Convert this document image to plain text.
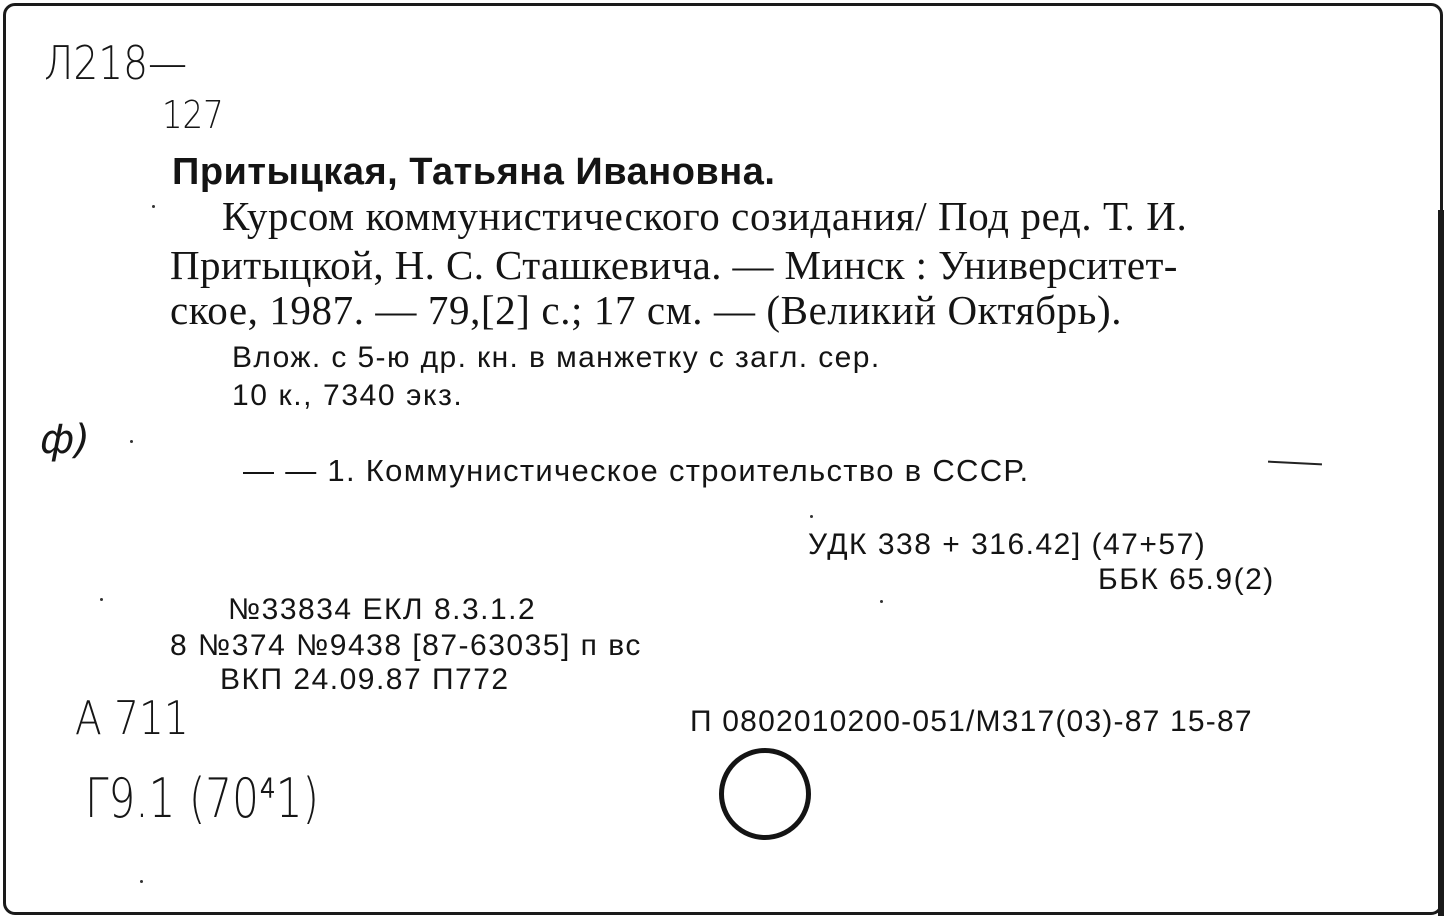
Л218—
127
Притыцкая, Татьяна Ивановна.
Курсом коммунистического созидания/ Под ред. Т. И.
Притыцкой, Н. С. Сташкевича. — Минск : Университет-
ское, 1987. — 79,[2] с.; 17 см. — (Великий Октябрь).
Влож. с 5-ю др. кн. в манжетку с загл. сер.
10 к., 7340 экз.
ф)
— — 1. Коммунистическое строительство в СССР.
УДК 338 + 316.42] (47+57)
ББК 65.9(2)
№33834 ЕКЛ 8.3.1.2
8 №374 №9438 [87-63035] п вс
ВКП 24.09.87 П772
П 0802010200-051/М317(03)-87 15-87
А 711
Г9.1 (70⁴1)
